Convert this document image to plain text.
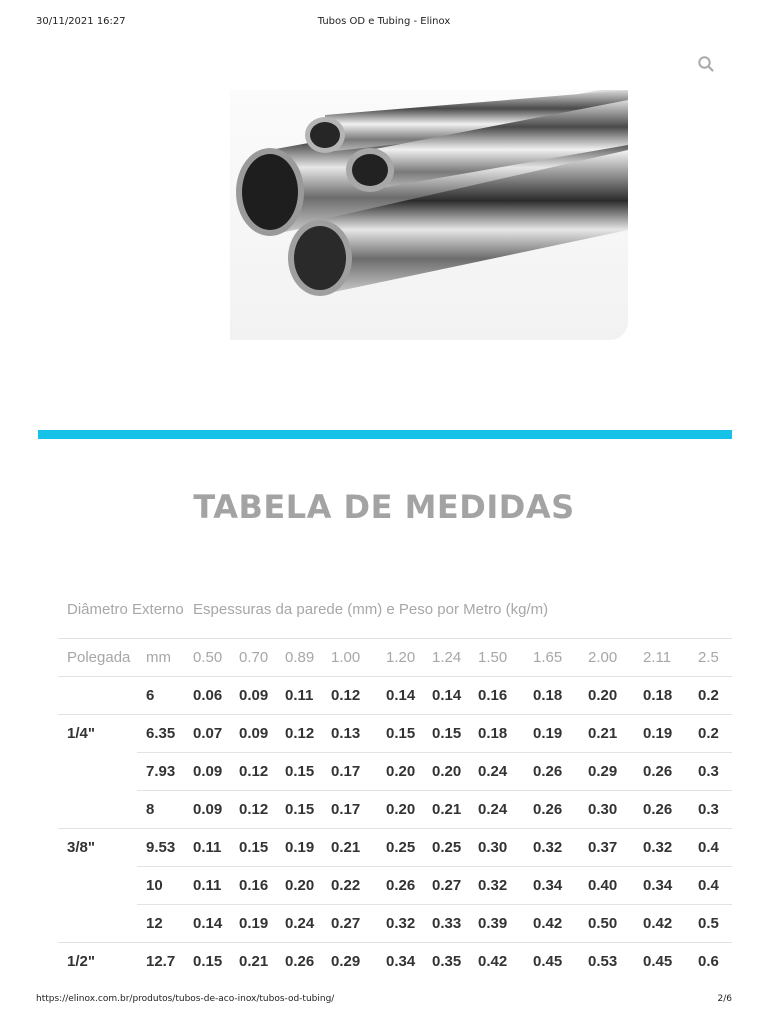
30/11/2021 16:27	Tubos OD e Tubing - Elinox
TABELA DE MEDIDAS
Diâmetro Externo		Espessuras da parede (mm) e Peso por Metro (kg/m)										
Polegada	mm	0.50	0.70	0.89	1.00	1.20	1.24	1.50	1.65	2.00	2.11	2.5
	6	0.06	0.09	0.11	0.12	0.14	0.14	0.16	0.18	0.20	0.18	0.2
1/4"	6.35	0.07	0.09	0.12	0.13	0.15	0.15	0.18	0.19	0.21	0.19	0.2
	7.93	0.09	0.12	0.15	0.17	0.20	0.20	0.24	0.26	0.29	0.26	0.3
	8	0.09	0.12	0.15	0.17	0.20	0.21	0.24	0.26	0.30	0.26	0.3
3/8"	9.53	0.11	0.15	0.19	0.21	0.25	0.25	0.30	0.32	0.37	0.32	0.4
	10	0.11	0.16	0.20	0.22	0.26	0.27	0.32	0.34	0.40	0.34	0.4
	12	0.14	0.19	0.24	0.27	0.32	0.33	0.39	0.42	0.50	0.42	0.5
1/2"	12.7	0.15	0.21	0.26	0.29	0.34	0.35	0.42	0.45	0.53	0.45	0.6
https://elinox.com.br/produtos/tubos-de-aco-inox/tubos-od-tubing/	2/6
